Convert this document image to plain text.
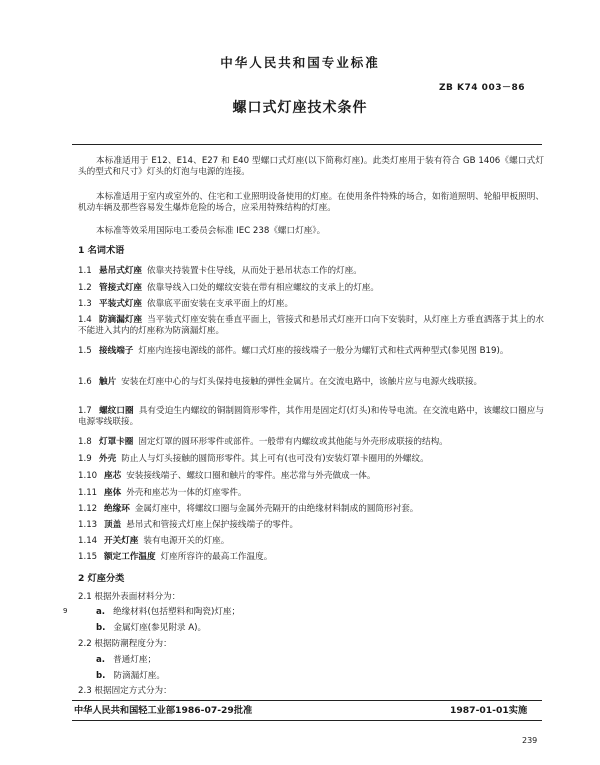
中华人民共和国专业标准
ZB K74 003－86
螺口式灯座技术条件
本标准适用于 E12、E14、E27 和 E40 型螺口式灯座(以下简称灯座)。此类灯座用于装有符合 GB 1406《螺口式灯头的型式和尺寸》灯头的灯泡与电源的连接。
本标准适用于室内或室外的、住宅和工业照明设备使用的灯座。在使用条件特殊的场合，如衔道照明、轮船甲板照明、机动车辆及那些容易发生爆炸危险的场合，应采用特殊结构的灯座。
本标准等效采用国际电工委员会标准 IEC 238《螺口灯座》。
1 名词术语
1.1 悬吊式灯座 依靠夹持装置卡住导线，从而处于悬吊状态工作的灯座。
1.2 管接式灯座 依靠导线入口处的螺纹安装在带有相应螺纹的支承上的灯座。
1.3 平装式灯座 依靠底平面安装在支承平面上的灯座。
1.4 防滴漏灯座 当平装式灯座安装在垂直平面上，管接式和悬吊式灯座开口向下安装时，从灯座上方垂直洒落于其上的水不能进入其内的灯座称为防滴漏灯座。
1.5 接线端子 灯座内连接电源线的部件。螺口式灯座的接线端子一般分为螺钉式和柱式两种型式(参见图 B19)。
1.6 触片 安装在灯座中心的与灯头保持电接触的弹性金属片。在交流电路中，该触片应与电源火线联接。
1.7 螺纹口圈 具有受迫生内螺纹的铜制圆筒形零件，其作用是固定灯(灯头)和传导电流。在交流电路中，该螺纹口圈应与电源零线联接。
1.8 灯罩卡圈 固定灯罩的圆环形零件或部件。一般带有内螺纹或其他能与外壳形成联接的结构。
1.9 外壳 防止人与灯头接触的圆筒形零件。其上可有(也可没有)安装灯罩卡圈用的外螺纹。
1.10 座芯 安装接线端子、螺纹口圈和触片的零件。座芯常与外壳做成一体。
1.11 座体 外壳和座芯为一体的灯座零件。
1.12 绝缘环 金属灯座中，将螺纹口圈与金属外壳隔开的由绝缘材料制成的圆筒形衬套。
1.13 顶盖 悬吊式和管接式灯座上保护接线端子的零件。
1.14 开关灯座 装有电源开关的灯座。
1.15 额定工作温度 灯座所容许的最高工作温度。
2 灯座分类
2.1 根据外表面材料分为：
9	a. 绝缘材料(包括塑料和陶瓷)灯座；
b. 金属灯座(参见附录 A)。
2.2 根据防潮程度分为：
a. 普通灯座；
b. 防滴漏灯座。
2.3 根据固定方式分为：
中华人民共和国轻工业部1986-07-29批准	1987-01-01实施
239
